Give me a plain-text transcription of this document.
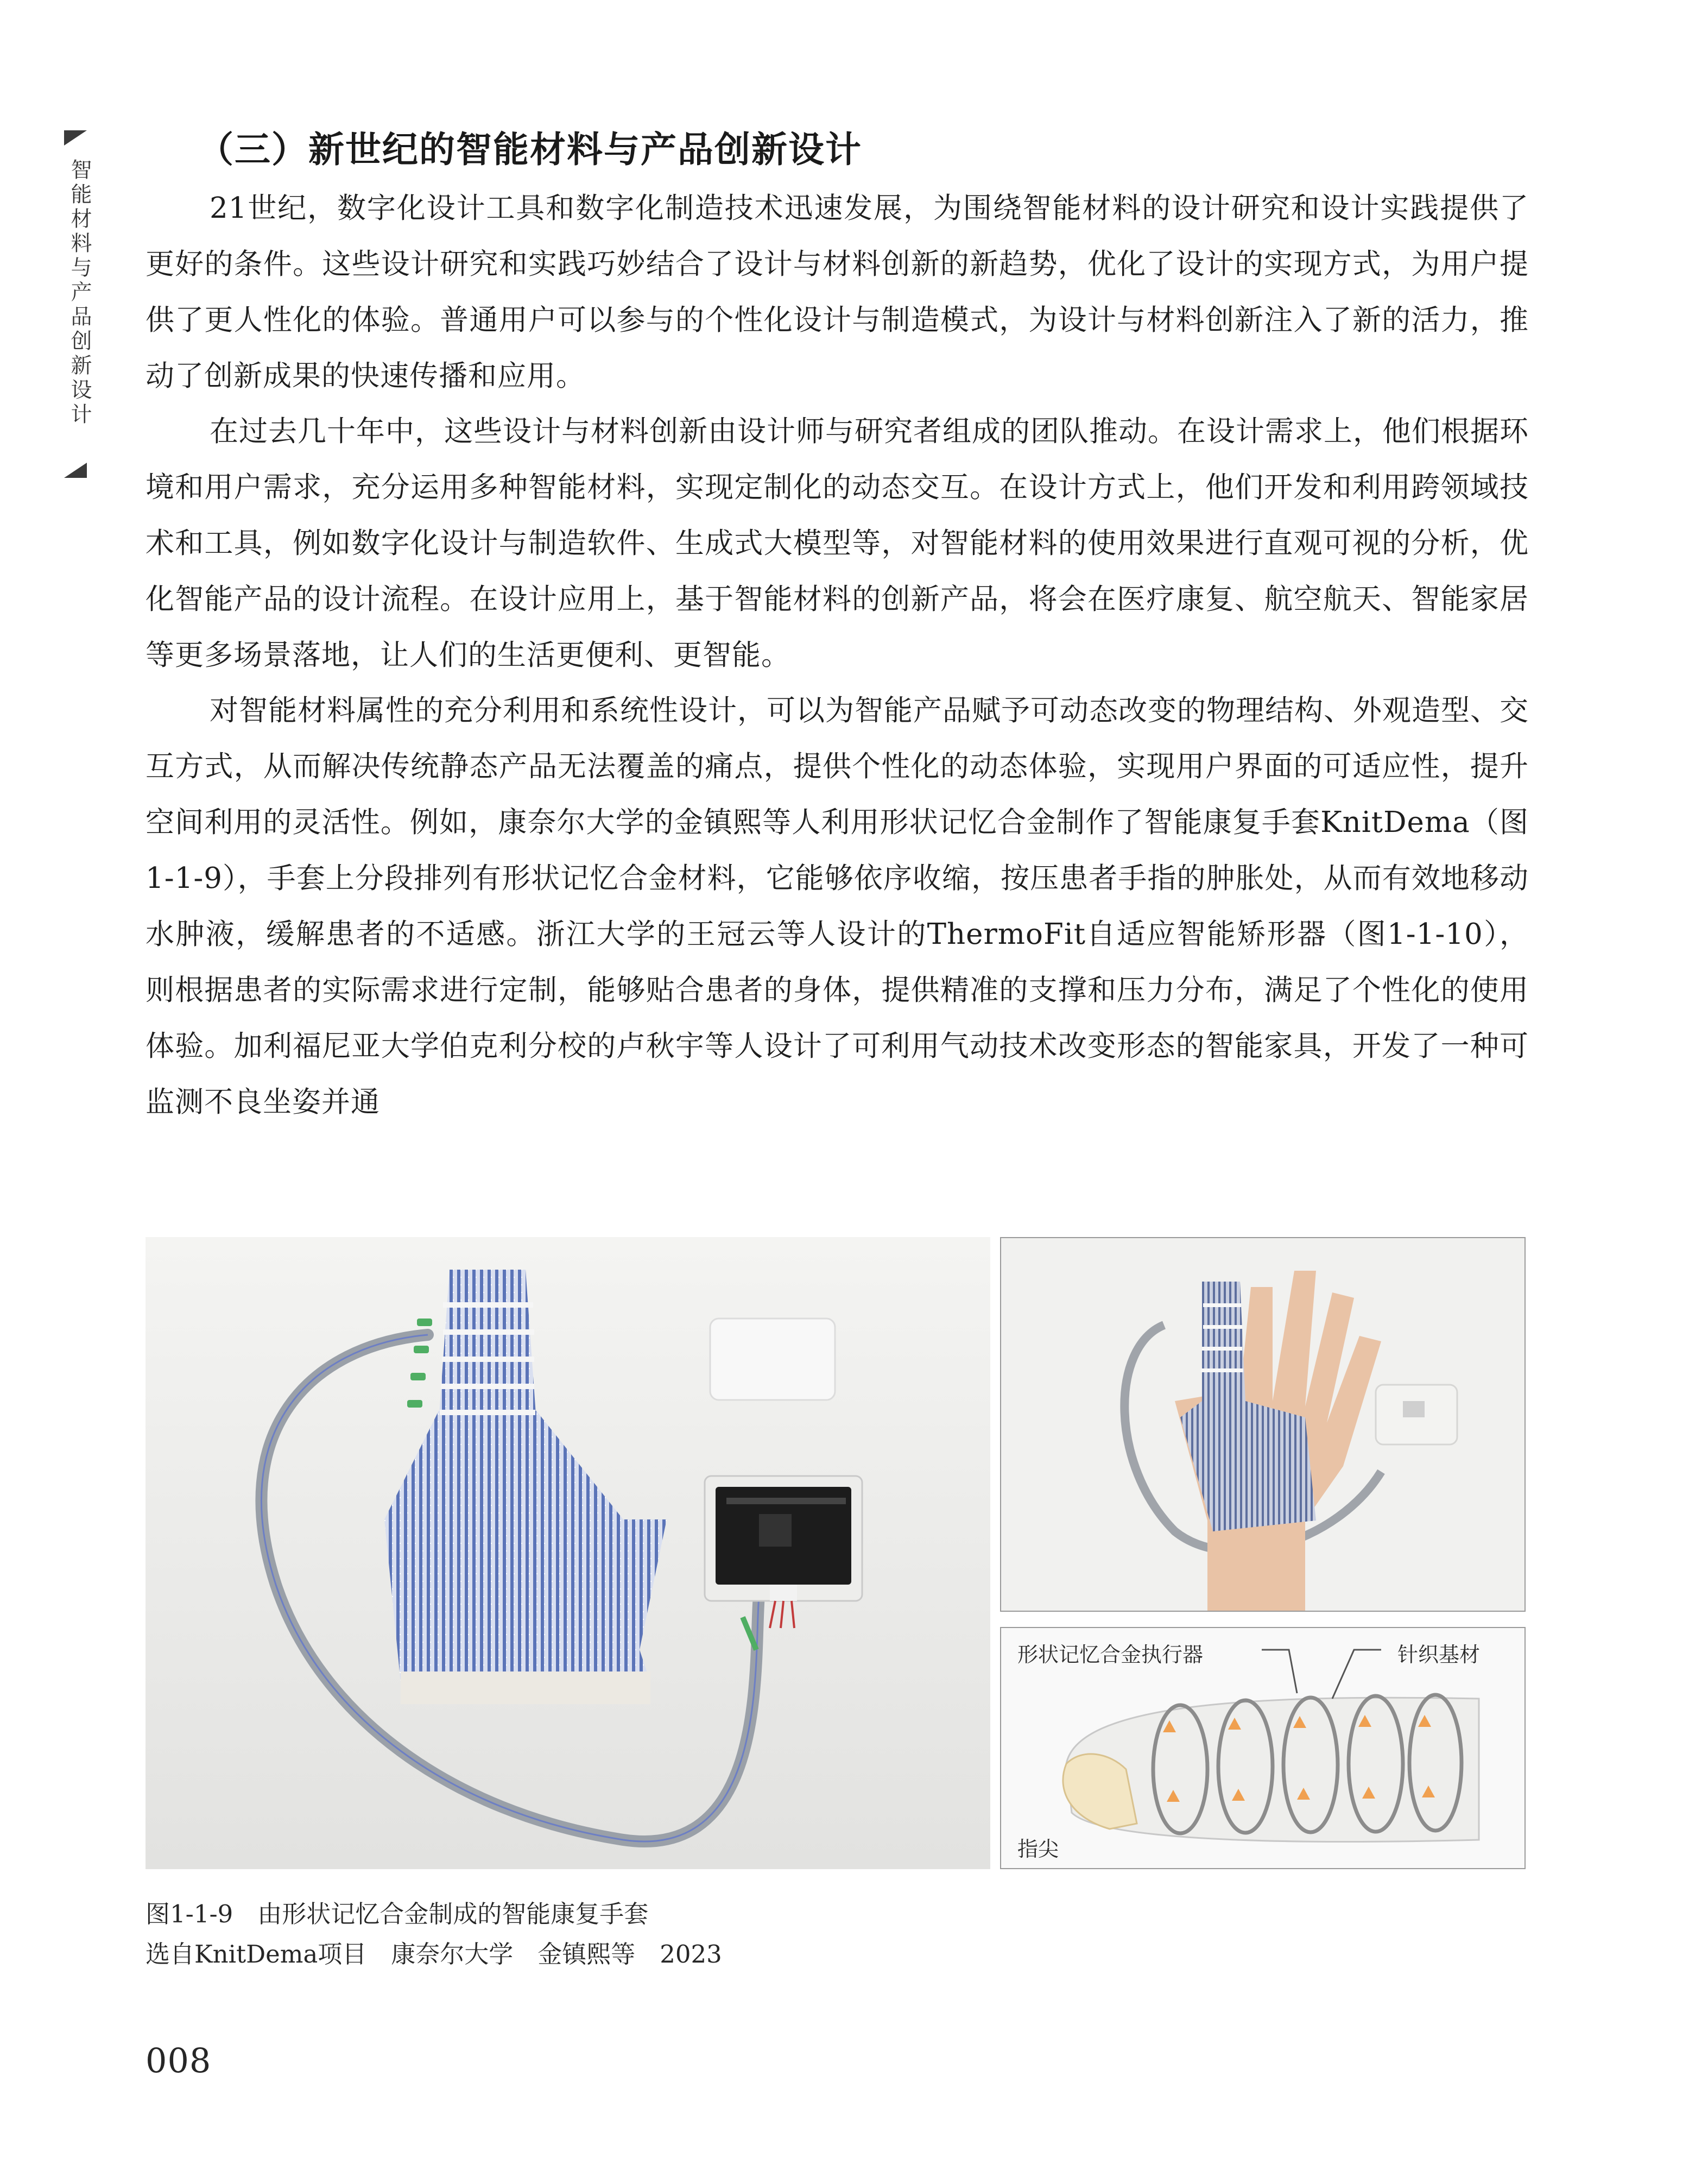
智能材料与产品创新设计
（三）新世纪的智能材料与产品创新设计

21世纪，数字化设计工具和数字化制造技术迅速发展，为围绕智能材料的设计研究和设计实践提供了更好的条件。这些设计研究和实践巧妙结合了设计与材料创新的新趋势，优化了设计的实现方式，为用户提供了更人性化的体验。普通用户可以参与的个性化设计与制造模式，为设计与材料创新注入了新的活力，推动了创新成果的快速传播和应用。

在过去几十年中，这些设计与材料创新由设计师与研究者组成的团队推动。在设计需求上，他们根据环境和用户需求，充分运用多种智能材料，实现定制化的动态交互。在设计方式上，他们开发和利用跨领域技术和工具，例如数字化设计与制造软件、生成式大模型等，对智能材料的使用效果进行直观可视的分析，优化智能产品的设计流程。在设计应用上，基于智能材料的创新产品，将会在医疗康复、航空航天、智能家居等更多场景落地，让人们的生活更便利、更智能。

对智能材料属性的充分利用和系统性设计，可以为智能产品赋予可动态改变的物理结构、外观造型、交互方式，从而解决传统静态产品无法覆盖的痛点，提供个性化的动态体验，实现用户界面的可适应性，提升空间利用的灵活性。例如，康奈尔大学的金镇熙等人利用形状记忆合金制作了智能康复手套KnitDema（图1-1-9），手套上分段排列有形状记忆合金材料，它能够依序收缩，按压患者手指的肿胀处，从而有效地移动水肿液，缓解患者的不适感。浙江大学的王冠云等人设计的ThermoFit自适应智能矫形器（图1-1-10），则根据患者的实际需求进行定制，能够贴合患者的身体，提供精准的支撑和压力分布，满足了个性化的使用体验。加利福尼亚大学伯克利分校的卢秋宇等人设计了可利用气动技术改变形态的智能家具，开发了一种可监测不良坐姿并通

形状记忆合金执行器	针织基材
指尖

图1-1-9　由形状记忆合金制成的智能康复手套

选自KnitDema项目　康奈尔大学　金镇熙等　2023

008
